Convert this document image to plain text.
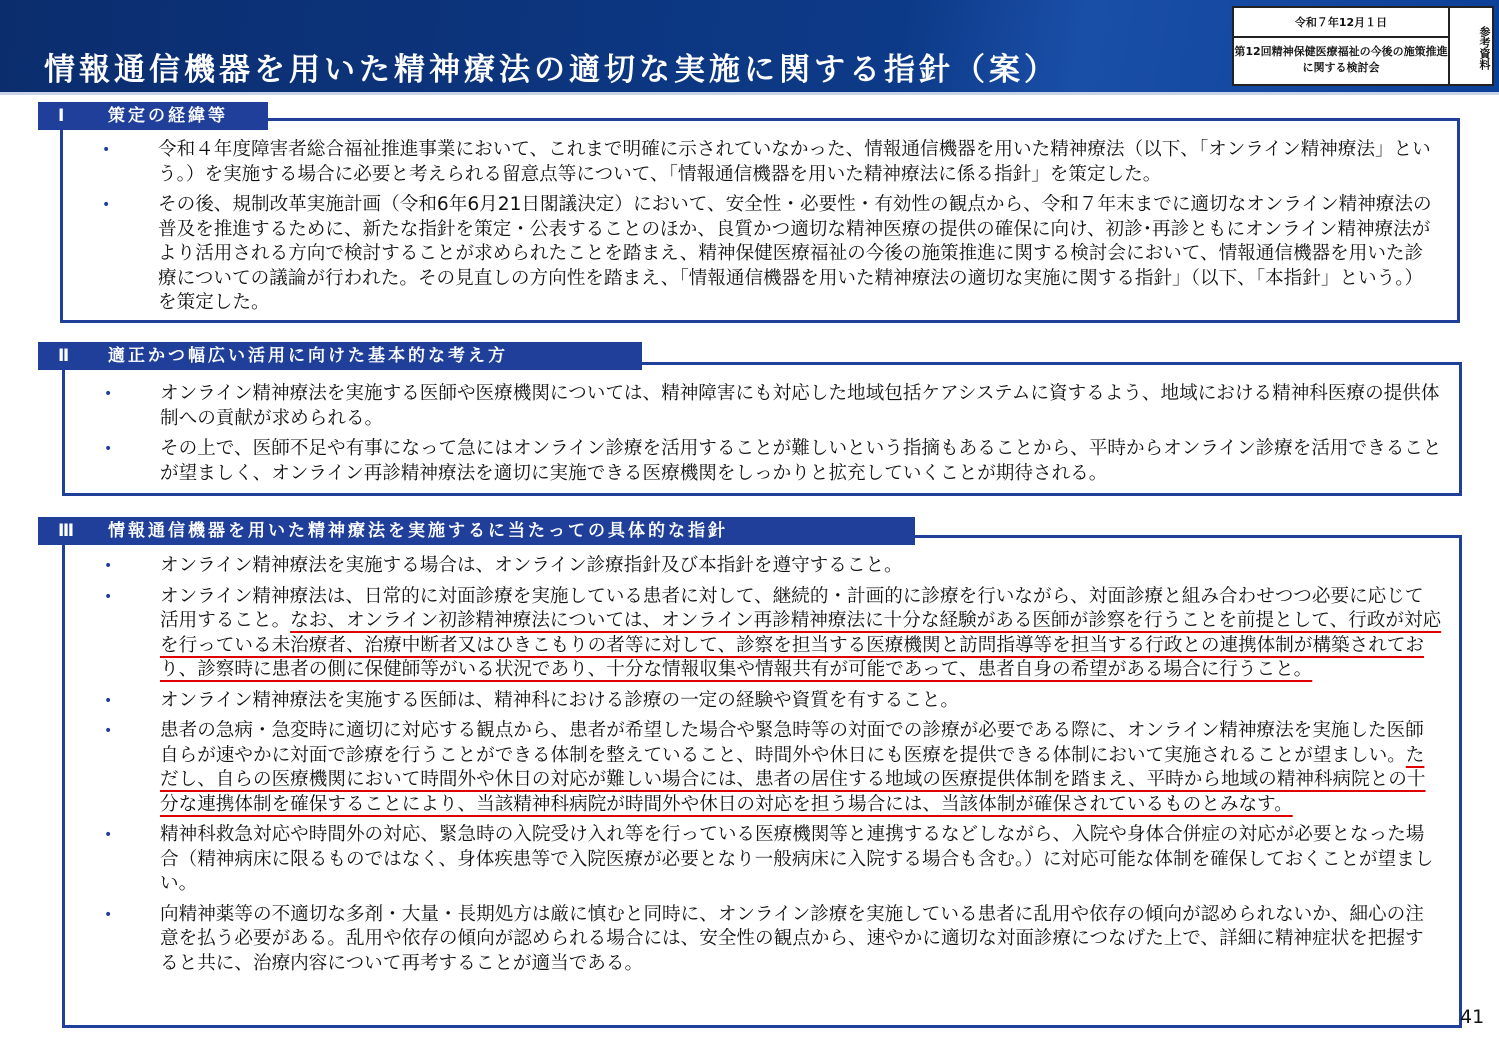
情報通信機器を用いた精神療法の適切な実施に関する指針（案）
令和７年12月１日
第12回精神保健医療福祉の今後の施策推進に関する検討会	参考資料
Ⅰ 策定の経緯等
•	令和４年度障害者総合福祉推進事業において、これまで明確に示されていなかった、情報通信機器を用いた精神療法（以下、「オンライン精神療法」という。）を実施する場合に必要と考えられる留意点等について、「情報通信機器を用いた精神療法に係る指針」を策定した。
•	その後、規制改革実施計画（令和6年6月21日閣議決定）において、安全性・必要性・有効性の観点から、令和７年末までに適切なオンライン精神療法の普及を推進するために、新たな指針を策定・公表することのほか、良質かつ適切な精神医療の提供の確保に向け、初診･再診ともにオンライン精神療法がより活用される方向で検討することが求められたことを踏まえ、精神保健医療福祉の今後の施策推進に関する検討会において、情報通信機器を用いた診療についての議論が行われた。その見直しの方向性を踏まえ、「情報通信機器を用いた精神療法の適切な実施に関する指針」（以下、「本指針」という。）を策定した。
Ⅱ 適正かつ幅広い活用に向けた基本的な考え方
•	オンライン精神療法を実施する医師や医療機関については、精神障害にも対応した地域包括ケアシステムに資するよう、地域における精神科医療の提供体制への貢献が求められる。
•	その上で、医師不足や有事になって急にはオンライン診療を活用することが難しいという指摘もあることから、平時からオンライン診療を活用できることが望ましく、オンライン再診精神療法を適切に実施できる医療機関をしっかりと拡充していくことが期待される。
Ⅲ 情報通信機器を用いた精神療法を実施するに当たっての具体的な指針
•	オンライン精神療法を実施する場合は、オンライン診療指針及び本指針を遵守すること。
•	オンライン精神療法は、日常的に対面診療を実施している患者に対して、継続的・計画的に診療を行いながら、対面診療と組み合わせつつ必要に応じて活用すること。なお、オンライン初診精神療法については、オンライン再診精神療法に十分な経験がある医師が診察を行うことを前提として、行政が対応を行っている未治療者、治療中断者又はひきこもりの者等に対して、診察を担当する医療機関と訪問指導等を担当する行政との連携体制が構築されており、診察時に患者の側に保健師等がいる状況であり、十分な情報収集や情報共有が可能であって、患者自身の希望がある場合に行うこと。
•	オンライン精神療法を実施する医師は、精神科における診療の一定の経験や資質を有すること。
•	患者の急病・急変時に適切に対応する観点から、患者が希望した場合や緊急時等の対面での診療が必要である際に、オンライン精神療法を実施した医師自らが速やかに対面で診療を行うことができる体制を整えていること、時間外や休日にも医療を提供できる体制において実施されることが望ましい。ただし、自らの医療機関において時間外や休日の対応が難しい場合には、患者の居住する地域の医療提供体制を踏まえ、平時から地域の精神科病院との十分な連携体制を確保することにより、当該精神科病院が時間外や休日の対応を担う場合には、当該体制が確保されているものとみなす。
•	精神科救急対応や時間外の対応、緊急時の入院受け入れ等を行っている医療機関等と連携するなどしながら、入院や身体合併症の対応が必要となった場合（精神病床に限るものではなく、身体疾患等で入院医療が必要となり一般病床に入院する場合も含む。）に対応可能な体制を確保しておくことが望ましい。
•	向精神薬等の不適切な多剤・大量・長期処方は厳に慎むと同時に、オンライン診療を実施している患者に乱用や依存の傾向が認められないか、細心の注意を払う必要がある。乱用や依存の傾向が認められる場合には、安全性の観点から、速やかに適切な対面診療につなげた上で、詳細に精神症状を把握すると共に、治療内容について再考することが適当である。
41
